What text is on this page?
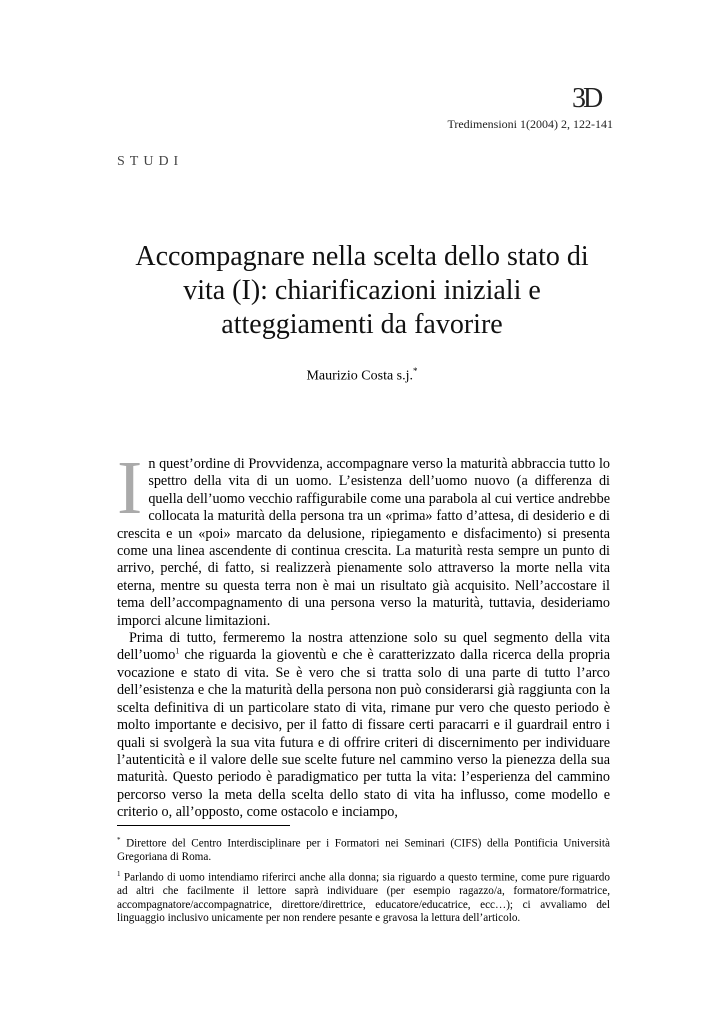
3D
Tredimensioni 1(2004) 2, 122-141
STUDI
Accompagnare nella scelta dello stato di vita (I): chiarificazioni iniziali e atteggiamenti da favorire
Maurizio Costa s.j.*

In quest’ordine di Provvidenza, accompagnare verso la maturità abbraccia tutto lo spettro della vita di un uomo. L’esistenza dell’uomo nuovo (a differenza di quella dell’uomo vecchio raffigurabile come una parabola al cui vertice andrebbe collocata la maturità della persona tra un «prima» fatto d’attesa, di desiderio e di crescita e un «poi» marcato da delusione, ripiegamento e disfacimento) si presenta come una linea ascendente di continua crescita. La maturità resta sempre un punto di arrivo, perché, di fatto, si realizzerà pienamente solo attraverso la morte nella vita eterna, mentre su questa terra non è mai un risultato già acquisito. Nell’accostare il tema dell’accompagnamento di una persona verso la maturità, tuttavia, desideriamo imporci alcune limitazioni.

Prima di tutto, fermeremo la nostra attenzione solo su quel segmento della vita dell’uomo$^1$ che riguarda la gioventù e che è caratterizzato dalla ricerca della propria vocazione e stato di vita. Se è vero che si tratta solo di una parte di tutto l’arco dell’esistenza e che la maturità della persona non può considerarsi già raggiunta con la scelta definitiva di un particolare stato di vita, rimane pur vero che questo periodo è molto importante e decisivo, per il fatto di fissare certi paracarri e il guardrail entro i quali si svolgerà la sua vita futura e di offrire criteri di discernimento per individuare l’autenticità e il valore delle sue scelte future nel cammino verso la pienezza della sua maturità. Questo periodo è paradigmatico per tutta la vita: l’esperienza del cammino percorso verso la meta della scelta dello stato di vita ha influsso, come modello e criterio o, all’opposto, come ostacolo e inciampo,

* Direttore del Centro Interdisciplinare per i Formatori nei Seminari (CIFS) della Pontificia Università Gregoriana di Roma.

$^1$ Parlando di uomo intendiamo riferirci anche alla donna; sia riguardo a questo termine, come pure riguardo ad altri che facilmente il lettore saprà individuare (per esempio ragazzo/a, formatore/formatrice, accompagnatore/accompagnatrice, direttore/direttrice, educatore/educatrice, ecc…); ci avvaliamo del linguaggio inclusivo unicamente per non rendere pesante e gravosa la lettura dell’articolo.
